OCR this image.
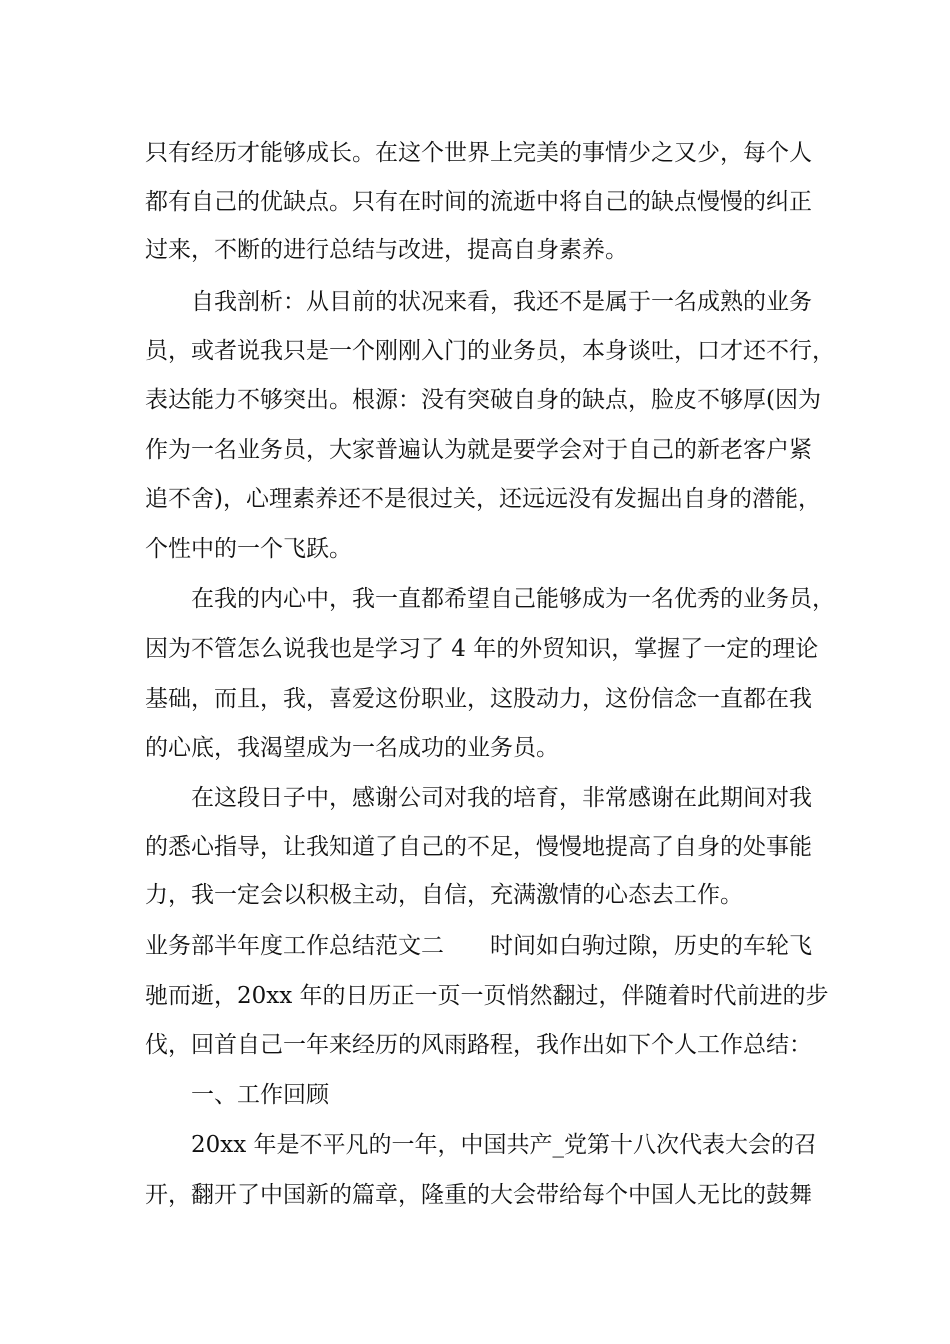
只有经历才能够成长。在这个世界上完美的事情少之又少，每个人
都有自己的优缺点。只有在时间的流逝中将自己的缺点慢慢的纠正
过来，不断的进行总结与改进，提高自身素养。
自我剖析：从目前的状况来看，我还不是属于一名成熟的业务
员，或者说我只是一个刚刚入门的业务员，本身谈吐，口才还不行，
表达能力不够突出。根源：没有突破自身的缺点，脸皮不够厚(因为
作为一名业务员，大家普遍认为就是要学会对于自己的新老客户紧
追不舍)，心理素养还不是很过关，还远远没有发掘出自身的潜能，
个性中的一个飞跃。
在我的内心中，我一直都希望自己能够成为一名优秀的业务员，
因为不管怎么说我也是学习了 4 年的外贸知识，掌握了一定的理论
基础，而且，我，喜爱这份职业，这股动力，这份信念一直都在我
的心底，我渴望成为一名成功的业务员。
在这段日子中，感谢公司对我的培育，非常感谢在此期间对我
的悉心指导，让我知道了自己的不足，慢慢地提高了自身的处事能
力，我一定会以积极主动，自信，充满激情的心态去工作。
业务部半年度工作总结范文二 时间如白驹过隙，历史的车轮飞
驰而逝，20xx 年的日历正一页一页悄然翻过，伴随着时代前进的步
伐，回首自己一年来经历的风雨路程，我作出如下个人工作总结：
一、工作回顾
20xx 年是不平凡的一年，中国共产_党第十八次代表大会的召
开，翻开了中国新的篇章，隆重的大会带给每个中国人无比的鼓舞
